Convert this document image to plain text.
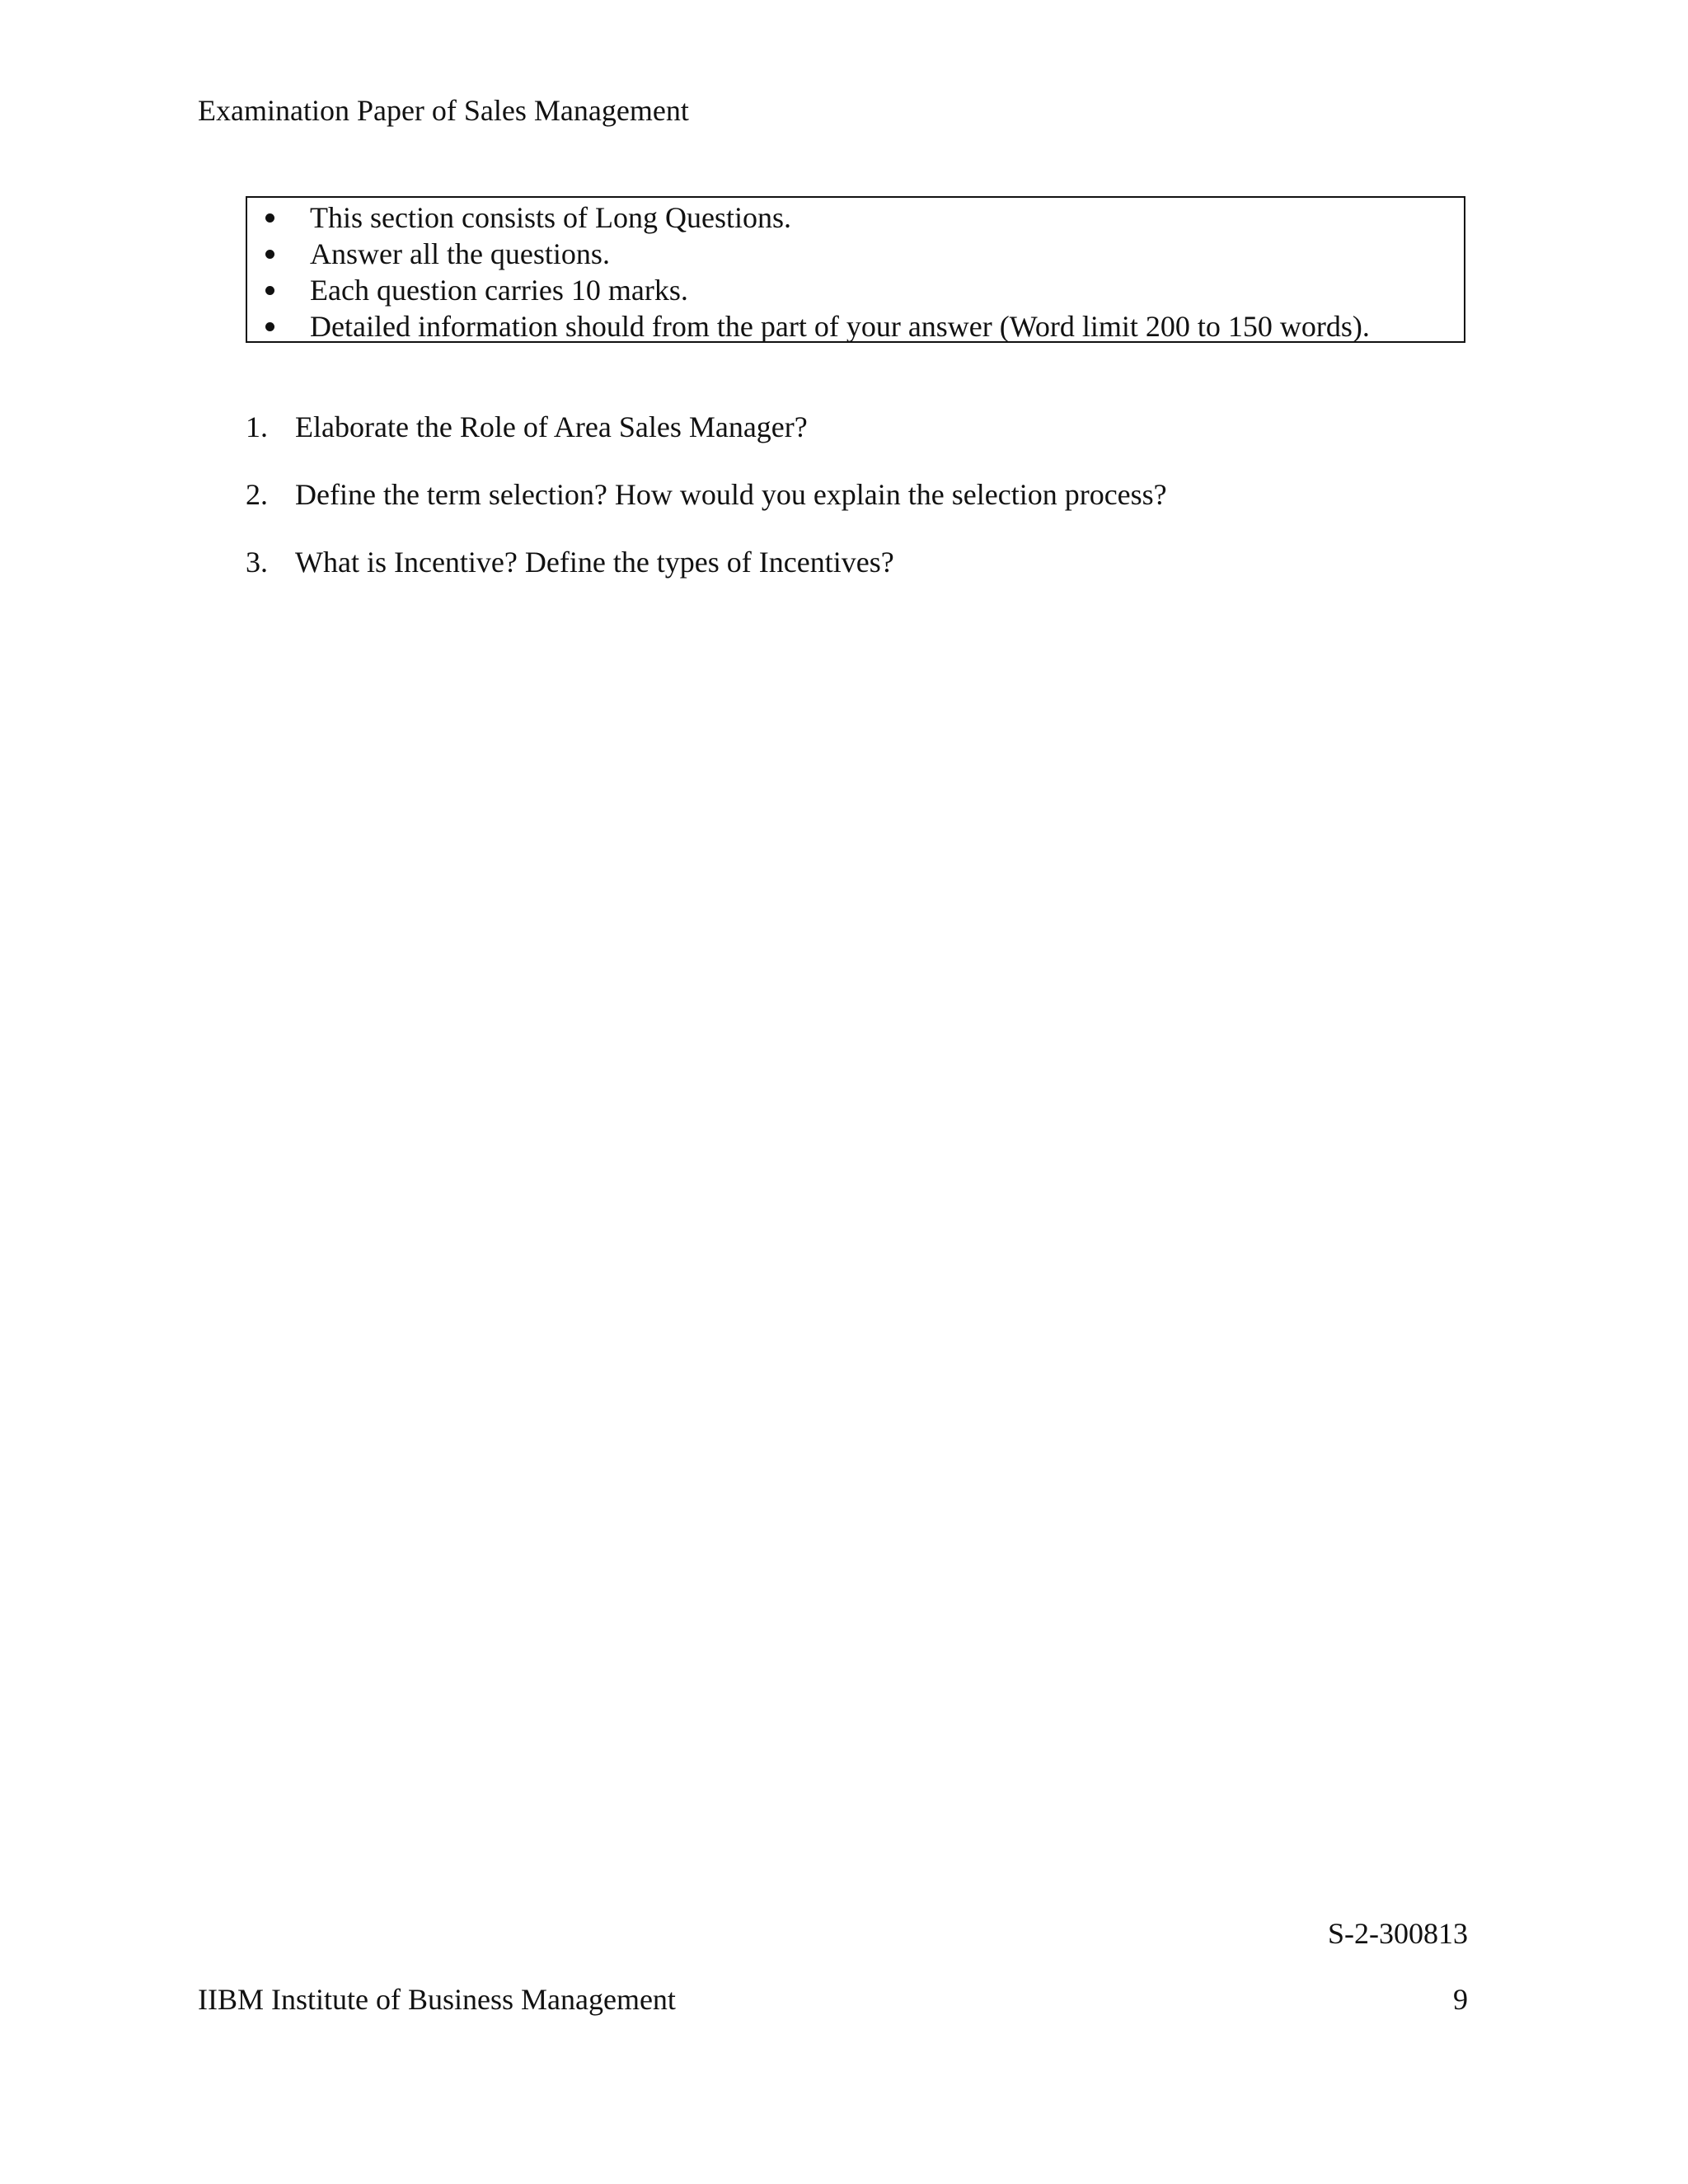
Examination Paper of Sales Management
This section consists of Long Questions.
Answer all the questions.
Each question carries 10 marks.
Detailed information should from the part of your answer (Word limit 200 to 150 words).
1. Elaborate the Role of Area Sales Manager?
2. Define the term selection? How would you explain the selection process?
3. What is Incentive? Define the types of Incentives?
S-2-300813
IIBM Institute of Business Management	9
